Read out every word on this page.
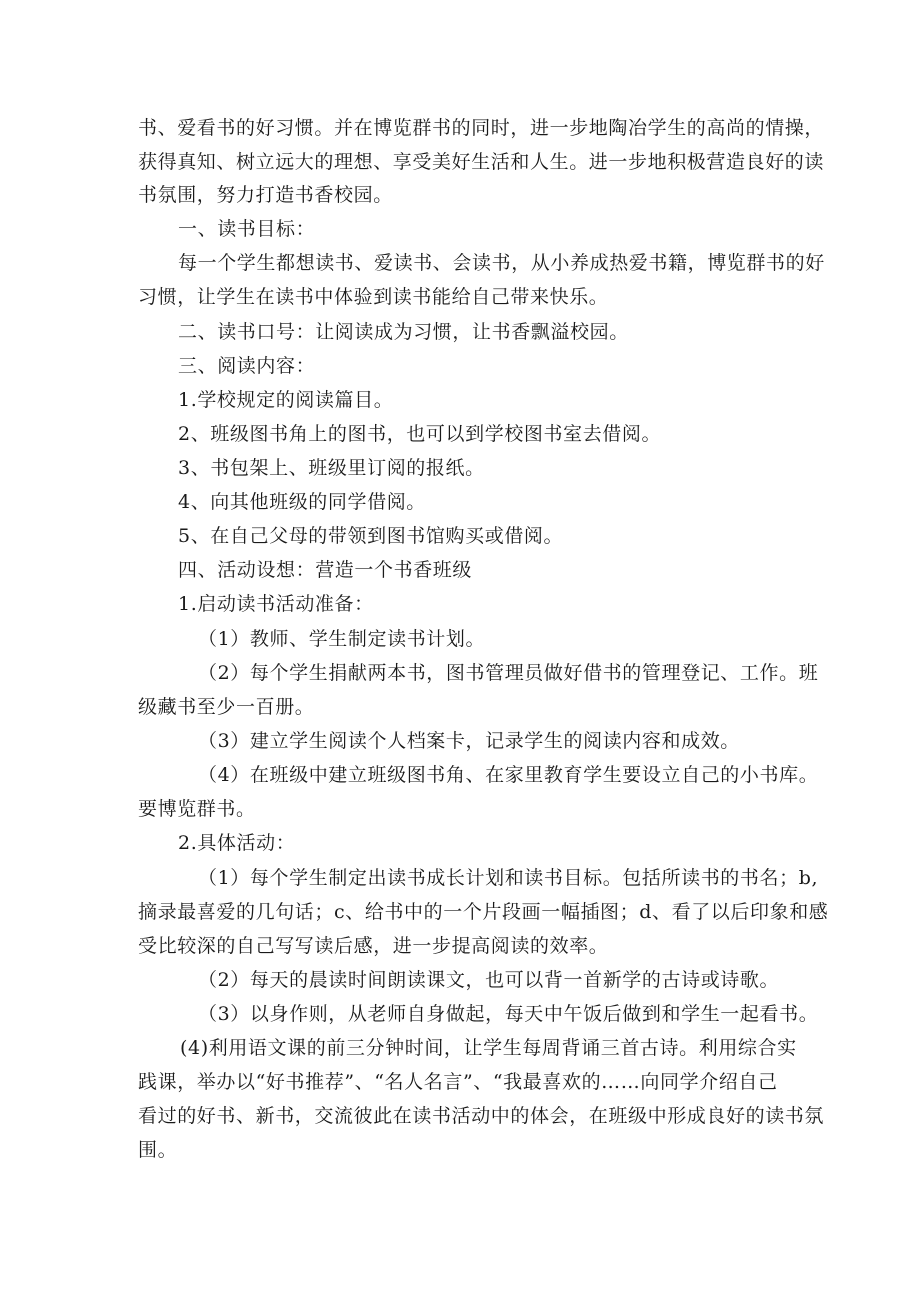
书、爱看书的好习惯。并在博览群书的同时，进一步地陶冶学生的高尚的情操，
获得真知、树立远大的理想、享受美好生活和人生。进一步地积极营造良好的读
书氛围，努力打造书香校园。
一、读书目标：
每一个学生都想读书、爱读书、会读书，从小养成热爱书籍，博览群书的好
习惯，让学生在读书中体验到读书能给自己带来快乐。
二、读书口号：让阅读成为习惯，让书香飘溢校园。
三、阅读内容：
1.学校规定的阅读篇目。
2、班级图书角上的图书，也可以到学校图书室去借阅。
3、书包架上、班级里订阅的报纸。
4、向其他班级的同学借阅。
5、在自己父母的带领到图书馆购买或借阅。
四、活动设想：营造一个书香班级
1.启动读书活动准备：
（1）教师、学生制定读书计划。
（2）每个学生捐献两本书，图书管理员做好借书的管理登记、工作。班
级藏书至少一百册。
（3）建立学生阅读个人档案卡，记录学生的阅读内容和成效。
（4）在班级中建立班级图书角、在家里教育学生要设立自己的小书库。
要博览群书。
2.具体活动：
（1）每个学生制定出读书成长计划和读书目标。包括所读书的书名；b,
摘录最喜爱的几句话；c、给书中的一个片段画一幅插图；d、看了以后印象和感
受比较深的自己写写读后感，进一步提高阅读的效率。
（2）每天的晨读时间朗读课文，也可以背一首新学的古诗或诗歌。
（3）以身作则，从老师自身做起，每天中午饭后做到和学生一起看书。
(4)利用语文课的前三分钟时间，让学生每周背诵三首古诗。利用综合实
践课，举办以“好书推荐”、“名人名言”、“我最喜欢的……向同学介绍自己
看过的好书、新书，交流彼此在读书活动中的体会，在班级中形成良好的读书氛
围。
